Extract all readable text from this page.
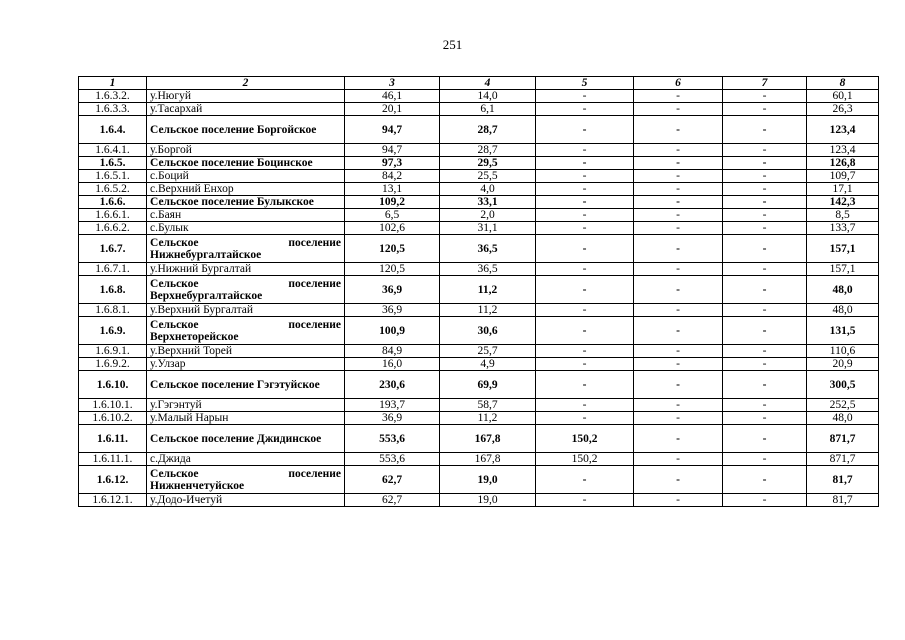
251
1	2	3	4	5	6	7	8
1.6.3.2.	у.Нюгуй	46,1	14,0	-	-	-	60,1
1.6.3.3.	у.Тасархай	20,1	6,1	-	-	-	26,3
1.6.4.	Сельское поселение Боргойское	94,7	28,7	-	-	-	123,4
1.6.4.1.	у.Боргой	94,7	28,7	-	-	-	123,4
1.6.5.	Сельское поселение Боцинское	97,3	29,5	-	-	-	126,8
1.6.5.1.	с.Боций	84,2	25,5	-	-	-	109,7
1.6.5.2.	с.Верхний Енхор	13,1	4,0	-	-	-	17,1
1.6.6.	Сельское поселение Булыкское	109,2	33,1	-	-	-	142,3
1.6.6.1.	с.Баян	6,5	2,0	-	-	-	8,5
1.6.6.2.	с.Булык	102,6	31,1	-	-	-	133,7
1.6.7.	Сельское поселение Нижнебургалтайское	120,5	36,5	-	-	-	157,1
1.6.7.1.	у.Нижний Бургалтай	120,5	36,5	-	-	-	157,1
1.6.8.	Сельское поселение Верхнебургалтайское	36,9	11,2	-	-	-	48,0
1.6.8.1.	у.Верхний Бургалтай	36,9	11,2	-	-	-	48,0
1.6.9.	Сельское поселение Верхнеторейское	100,9	30,6	-	-	-	131,5
1.6.9.1.	у.Верхний Торей	84,9	25,7	-	-	-	110,6
1.6.9.2.	у.Улзар	16,0	4,9	-	-	-	20,9
1.6.10.	Сельское поселение Гэгэтуйское	230,6	69,9	-	-	-	300,5
1.6.10.1.	у.Гэгэнтуй	193,7	58,7	-	-	-	252,5
1.6.10.2.	у.Малый Нарын	36,9	11,2	-	-	-	48,0
1.6.11.	Сельское поселение Джидинское	553,6	167,8	150,2	-	-	871,7
1.6.11.1.	с.Джида	553,6	167,8	150,2	-	-	871,7
1.6.12.	Сельское поселение Нижненчетуйское	62,7	19,0	-	-	-	81,7
1.6.12.1.	у.Додо-Ичетуй	62,7	19,0	-	-	-	81,7
